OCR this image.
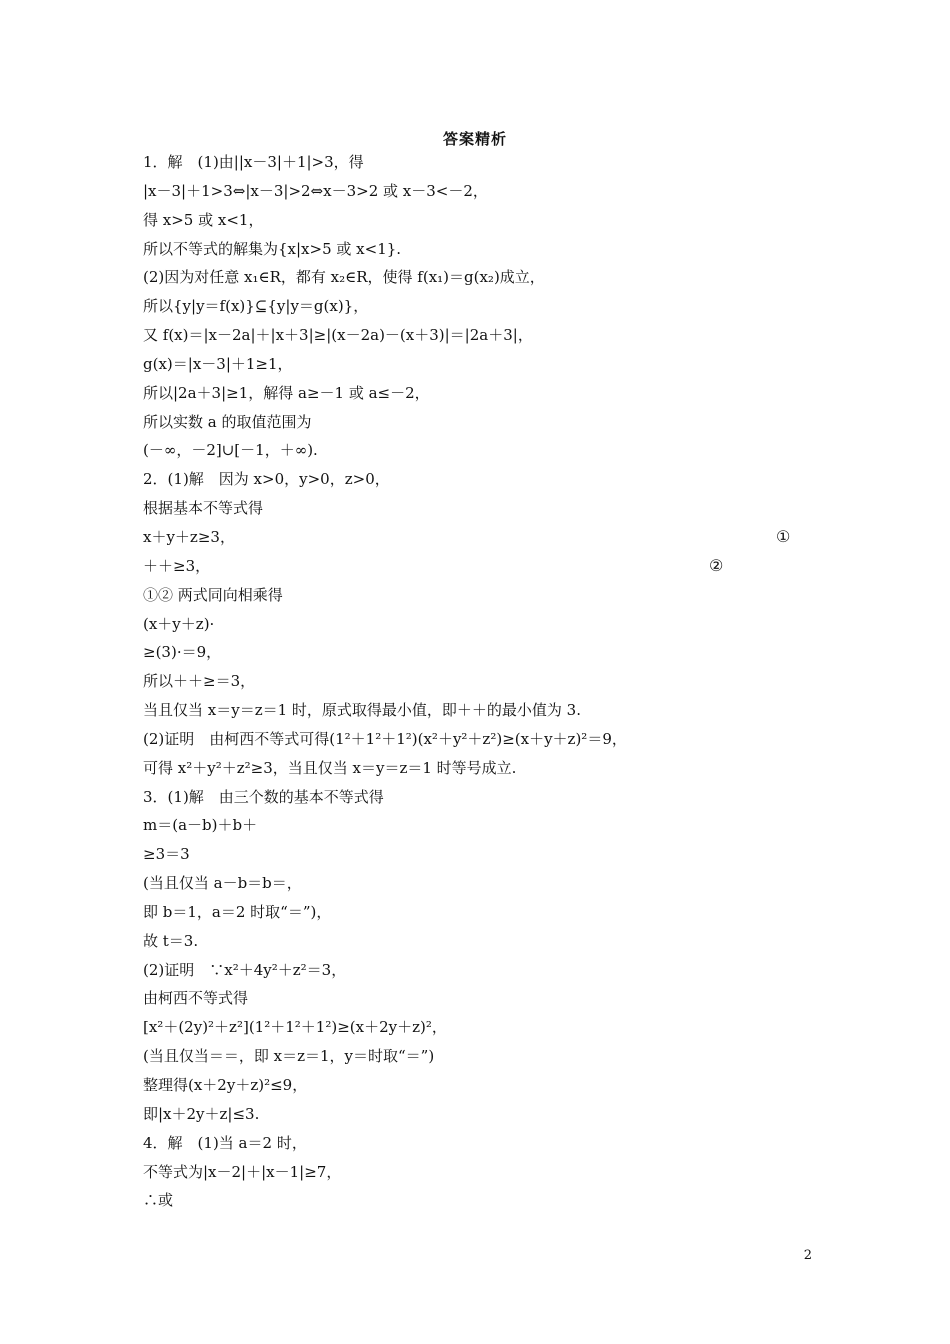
答案精析
1．解　(1)由||x－3|＋1|>3，得
|x－3|＋1>3⇔|x－3|>2⇔x－3>2 或 x－3<－2，
得 x>5 或 x<1，
所以不等式的解集为{x|x>5 或 x<1}.
(2)因为对任意 x₁∈R，都有 x₂∈R，使得 f(x₁)＝g(x₂)成立，
所以{y|y＝f(x)}⊆{y|y＝g(x)}，
又 f(x)＝|x－2a|＋|x＋3|≥|(x－2a)－(x＋3)|＝|2a＋3|，
g(x)＝|x－3|＋1≥1，
所以|2a＋3|≥1，解得 a≥－1 或 a≤－2，
所以实数 a 的取值范围为
(－∞，－2]∪[－1，＋∞).
2．(1)解　因为 x>0，y>0，z>0，
根据基本不等式得
x＋y＋z≥3，	①
＋＋≥3，	②
①② 两式同向相乘得
(x＋y＋z)·
≥(3)·＝9，
所以＋＋≥＝3，
当且仅当 x＝y＝z＝1 时，原式取得最小值，即＋＋的最小值为 3.
(2)证明　由柯西不等式可得(1²＋1²＋1²)(x²＋y²＋z²)≥(x＋y＋z)²＝9，
可得 x²＋y²＋z²≥3，当且仅当 x＝y＝z＝1 时等号成立.
3．(1)解　由三个数的基本不等式得
m＝(a－b)＋b＋
≥3＝3
(当且仅当 a－b＝b＝，
即 b＝1，a＝2 时取“＝”)，
故 t＝3.
(2)证明　∵x²＋4y²＋z²＝3，
由柯西不等式得
[x²＋(2y)²＋z²](1²＋1²＋1²)≥(x＋2y＋z)²，
(当且仅当＝＝，即 x＝z＝1，y＝时取“＝”)
整理得(x＋2y＋z)²≤9，
即|x＋2y＋z|≤3.
4．解　(1)当 a＝2 时，
不等式为|x－2|＋|x－1|≥7，
∴或
2
